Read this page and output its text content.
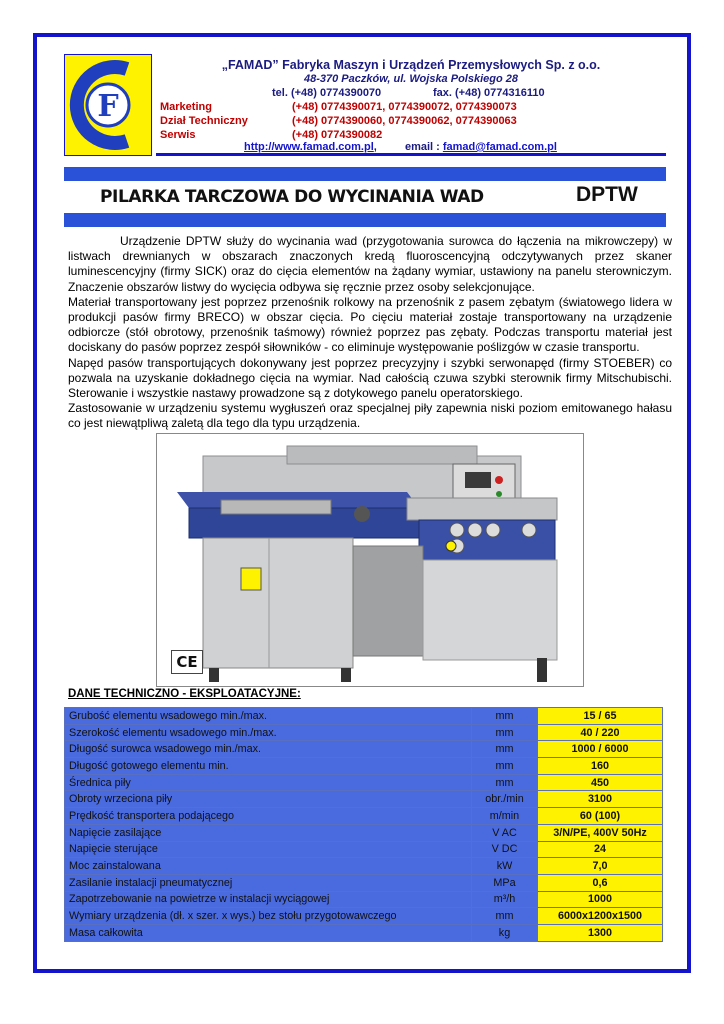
F
„FAMAD” Fabryka Maszyn i Urządzeń Przemysłowych Sp. z o.o.
48-370 Paczków, ul. Wojska Polskiego 28
tel. (+48) 0774390070	fax. (+48) 0774316110
Marketing	(+48) 0774390071, 0774390072, 0774390073
Dział Techniczny	(+48) 0774390060, 0774390062, 0774390063
Serwis	(+48) 0774390082
http://www.famad.com.pl,	email : famad@famad.com.pl
PILARKA TARCZOWA DO WYCINANIA WAD	DPTW

Urządzenie DPTW służy do wycinania wad (przygotowania surowca do łączenia na mikrowczepy) w listwach drewnianych w obszarach znaczonych kredą fluoroscencyjną odczytywanych przez skaner luminescencyjny (firmy SICK) oraz do cięcia elementów na żądany wymiar, ustawiony na panelu sterowniczym. Znaczenie obszarów listwy do wycięcia odbywa się ręcznie przez osoby selekcjonujące.

Materiał transportowany jest poprzez przenośnik rolkowy na przenośnik z pasem zębatym (światowego lidera w produkcji pasów firmy BRECO) w obszar cięcia. Po cięciu materiał zostaje transportowany na urządzenie odbiorcze (stół obrotowy, przenośnik taśmowy) również poprzez pas zębaty. Podczas transportu materiał jest dociskany do pasów poprzez zespół siłowników - co eliminuje występowanie poślizgów w czasie transportu.

Napęd pasów transportujących dokonywany jest poprzez precyzyjny i szybki serwonapęd (firmy STOEBER) co pozwala na uzyskanie dokładnego cięcia na wymiar. Nad całością czuwa szybki sterownik firmy Mitschubischi. Sterowanie i wszystkie nastawy prowadzone są z dotykowego panelu operatorskiego.

Zastosowanie w urządzeniu systemu wygłuszeń oraz specjalnej piły zapewnia niski poziom emitowanego hałasu co jest niewątpliwą zaletą dla tego dla typu urządzenia.

CE
DANE TECHNICZNO - EKSPLOATACYJNE:
Grubość elementu wsadowego min./max.	mm	15 / 65
Szerokość elementu wsadowego min./max.	mm	40 / 220
Długość surowca wsadowego min./max.	mm	1000 / 6000
Długość gotowego elementu min.	mm	160
Średnica piły	mm	450
Obroty wrzeciona piły	obr./min	3100
Prędkość transportera podającego	m/min	60 (100)
Napięcie zasilające	V AC	3/N/PE, 400V 50Hz
Napięcie sterujące	V DC	24
Moc zainstalowana	kW	7,0
Zasilanie instalacji pneumatycznej	MPa	0,6
Zapotrzebowanie na powietrze w instalacji wyciągowej	m³/h	1000
Wymiary urządzenia (dł. x szer. x wys.) bez stołu przygotowawczego	mm	6000x1200x1500
Masa całkowita	kg	1300
